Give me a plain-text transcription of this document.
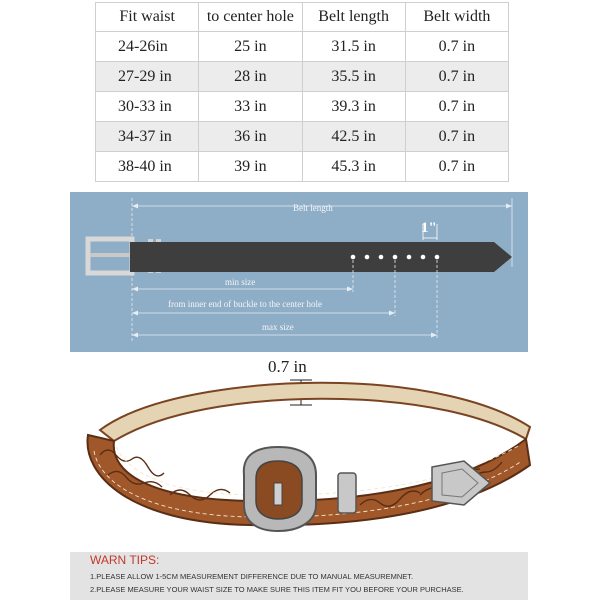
Fit waist	to center hole	Belt length	Belt width
24-26in	25 in	31.5 in	0.7 in
27-29 in	28 in	35.5 in	0.7 in
30-33 in	33 in	39.3 in	0.7 in
34-37 in	36 in	42.5 in	0.7 in
38-40 in	39 in	45.3 in	0.7 in
Belt length
1"
min size
from inner end of buckle to the center hole
max size
0.7 in
WARN TIPS:
1.PLEASE ALLOW 1-5CM MEASUREMENT DIFFERENCE DUE TO MANUAL MEASUREMNET.
2.PLEASE MEASURE YOUR WAIST SIZE TO MAKE SURE THIS ITEM FIT YOU BEFORE YOUR PURCHASE.
